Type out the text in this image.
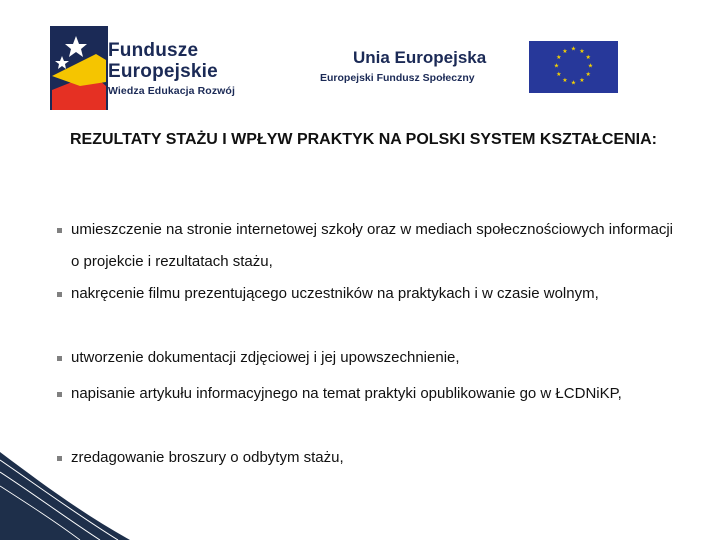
Fundusze
Europejskie
Wiedza Edukacja Rozwój
Unia Europejska
Europejski Fundusz Społeczny
★ ★
★
★
★
★
★
★
★
★
★
★
REZULTATY STAŻU I WPŁYW PRAKTYK NA POLSKI SYSTEM KSZTAŁCENIA:
umieszczenie na stronie internetowej szkoły oraz w mediach społecznościowych informacji o projekcie i rezultatach stażu,
nakręcenie filmu prezentującego uczestników na praktykach i w czasie wolnym,
utworzenie dokumentacji zdjęciowej i jej upowszechnienie,
napisanie artykułu informacyjnego na temat praktyki opublikowanie go w ŁCDNiKP,
zredagowanie broszury o odbytym stażu,
